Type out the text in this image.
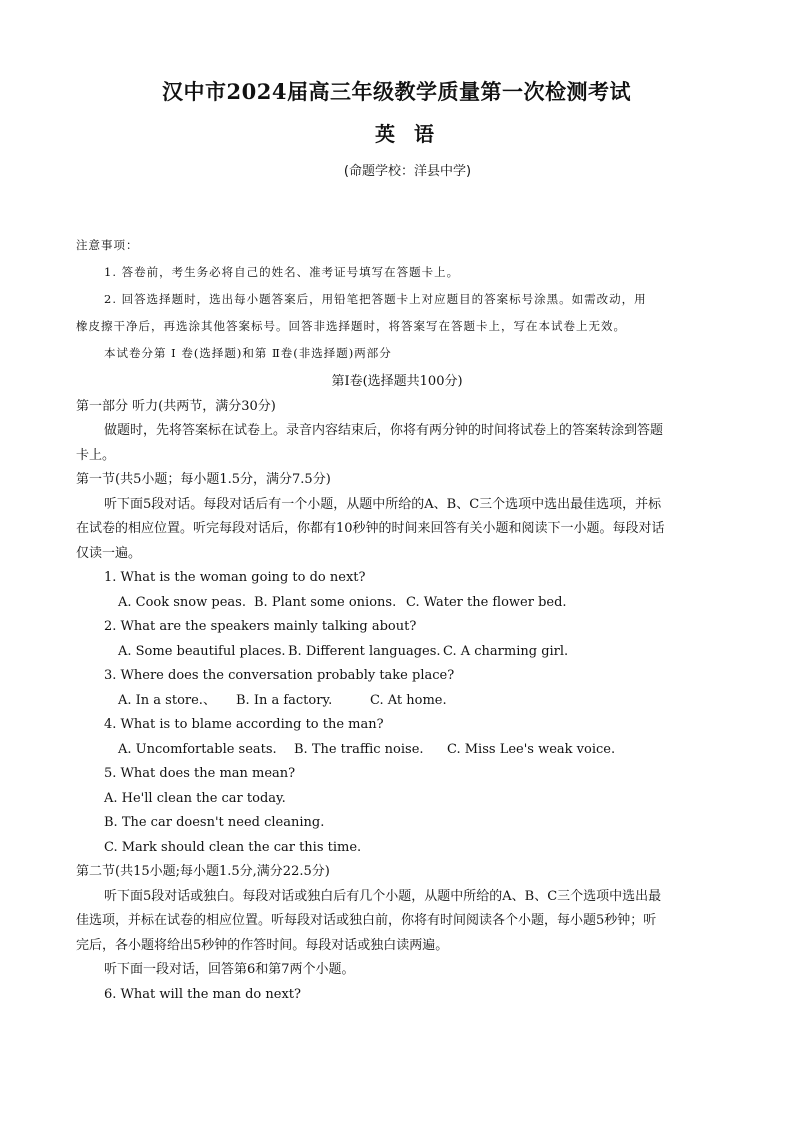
汉中市2024届高三年级教学质量第一次检测考试
英 语
(命题学校：洋县中学)
注意事项：
1. 答卷前，考生务必将自己的姓名、准考证号填写在答题卡上。
2. 回答选择题时，选出每小题答案后，用铅笔把答题卡上对应题目的答案标号涂黑。如需改动，用
橡皮擦干净后，再选涂其他答案标号。回答非选择题时，将答案写在答题卡上，写在本试卷上无效。
本试卷分第 Ⅰ 卷(选择题)和第 Ⅱ卷(非选择题)两部分
第Ⅰ卷(选择题共100分)
第一部分 听力(共两节，满分30分)
做题时，先将答案标在试卷上。录音内容结束后，你将有两分钟的时间将试卷上的答案转涂到答题
卡上。
第一节(共5小题；每小题1.5分，满分7.5分)
听下面5段对话。每段对话后有一个小题，从题中所给的A、B、C三个选项中选出最佳选项，并标
在试卷的相应位置。听完每段对话后，你都有10秒钟的时间来回答有关小题和阅读下一小题。每段对话
仅读一遍。
1. What is the woman going to do next?
A. Cook snow peas. B. Plant some onions. C. Water the flower bed.
2. What are the speakers mainly talking about?
A. Some beautiful places. B. Different languages. C. A charming girl.
3. Where does the conversation probably take place?
A. In a store.、 B. In a factory.	C. At home.
4. What is to blame according to the man?
A. Uncomfortable seats. B. The traffic noise. C. Miss Lee's weak voice.
5. What does the man mean?
A. He'll clean the car today.
B. The car doesn't need cleaning.
C. Mark should clean the car this time.
第二节(共15小题;每小题1.5分,满分22.5分)
听下面5段对话或独白。每段对话或独白后有几个小题，从题中所给的A、B、C三个选项中选出最
佳选项，并标在试卷的相应位置。听每段对话或独白前，你将有时间阅读各个小题，每小题5秒钟；听
完后，各小题将给出5秒钟的作答时间。每段对话或独白读两遍。
听下面一段对话，回答第6和第7两个小题。
6. What will the man do next?
